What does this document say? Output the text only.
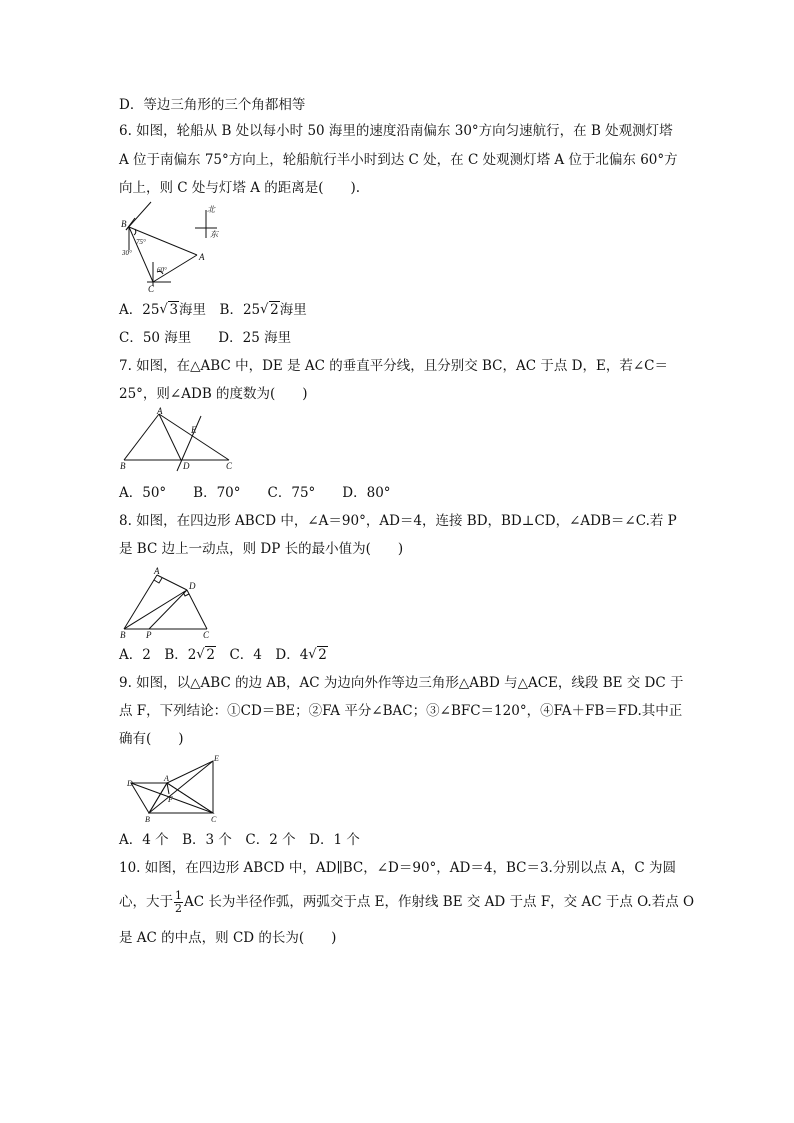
D．等边三角形的三个角都相等
6. 如图，轮船从 B 处以每小时 50 海里的速度沿南偏东 30°方向匀速航行，在 B 处观测灯塔
A 位于南偏东 75°方向上，轮船航行半小时到达 C 处，在 C 处观测灯塔 A 位于北偏东 60°方
向上，则 C 处与灯塔 A 的距离是(　　).
B
A
C
北
东
75°
30°
60°
A．25 √ 3海里　 B．25 √ 2海里
C．50 海里　　D．25 海里
7. 如图，在△ABC 中，DE 是 AC 的垂直平分线，且分别交 BC，AC 于点 D，E，若∠C＝
25°，则∠ADB 的度数为(　　)
A
B	C
D
E
A．50°　　B．70°　　C．75°　　D．80°
8. 如图，在四边形 ABCD 中，∠A＝90°，AD＝4，连接 BD，BD⊥CD，∠ADB＝∠C.若 P
是 BC 边上一动点，则 DP 长的最小值为(　　)
A
D
B P	C
A．2　B．2 √ 2　C．4　D．4 √ 2
9. 如图，以△ABC 的边 AB，AC 为边向外作等边三角形△ABD 与△ACE，线段 BE 交 DC 于
点 F，下列结论：①CD＝BE；②FA 平分∠BAC；③∠BFC＝120°，④FA＋FB＝FD.其中正
确有(　　)
D
A
E
F
B	C
A．4 个　B．3 个　C．2 个　D．1 个
10. 如图，在四边形 ABCD 中，AD∥BC，∠D＝90°，AD＝4，BC＝3.分别以点 A，C 为圆
心，大于 $\frac{1}{2}$ AC 长为半径作弧，两弧交于点 E，作射线 BE 交 AD 于点 F，交 AC 于点 O.若点 O
是 AC 的中点，则 CD 的长为(　　)
